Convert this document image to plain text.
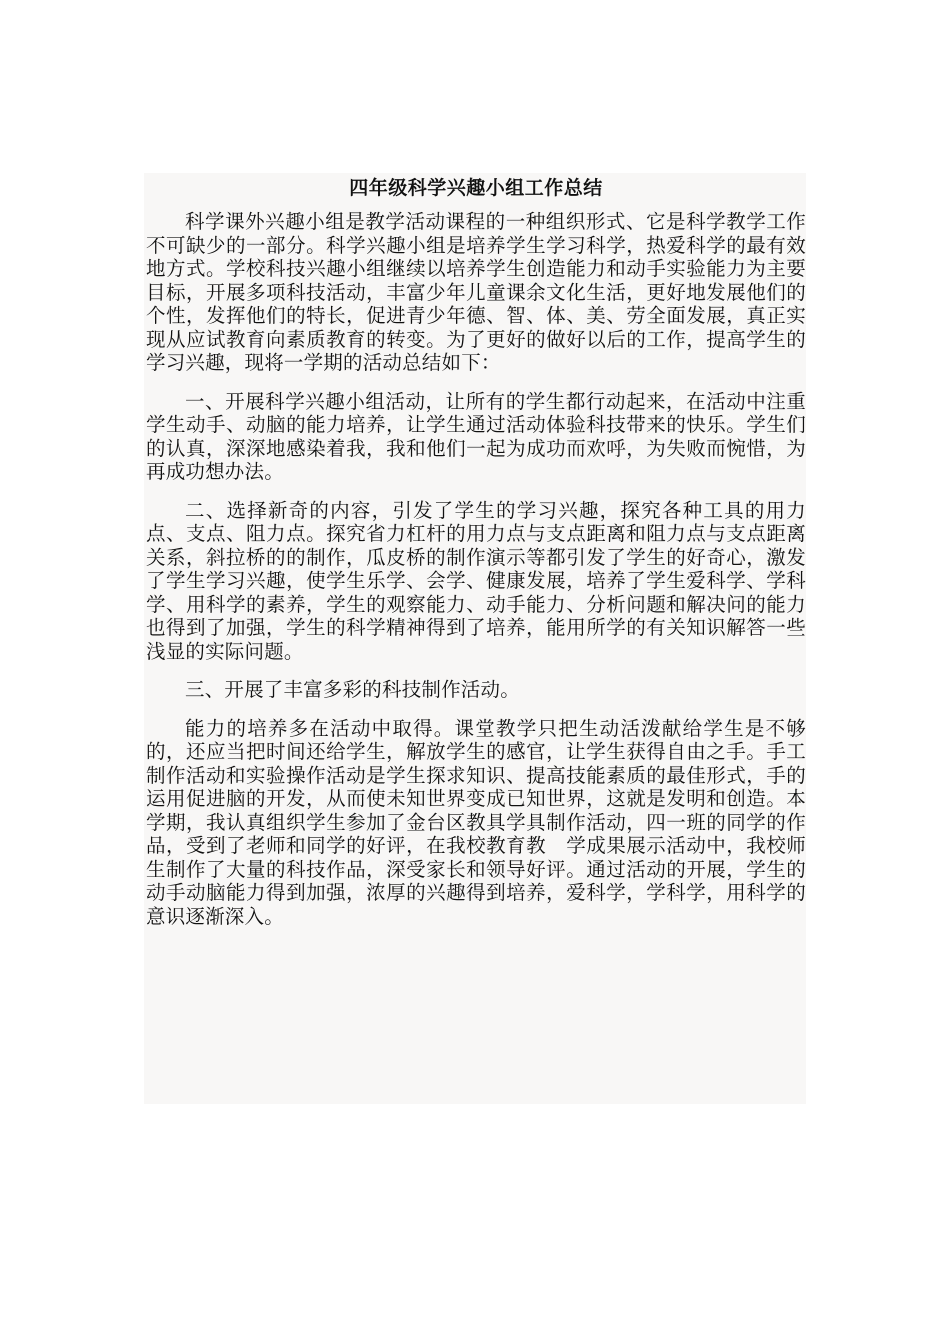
四年级科学兴趣小组工作总结

科学课外兴趣小组是教学活动课程的一种组织形式、它是科学教学工作不可缺少的一部分。科学兴趣小组是培养学生学习科学，热爱科学的最有效地方式。学校科技兴趣小组继续以培养学生创造能力和动手实验能力为主要目标，开展多项科技活动，丰富少年儿童课余文化生活，更好地发展他们的个性，发挥他们的特长，促进青少年德、智、体、美、劳全面发展，真正实现从应试教育向素质教育的转变。为了更好的做好以后的工作，提高学生的学习兴趣，现将一学期的活动总结如下：

一、开展科学兴趣小组活动，让所有的学生都行动起来，在活动中注重学生动手、动脑的能力培养，让学生通过活动体验科技带来的快乐。学生们的认真，深深地感染着我，我和他们一起为成功而欢呼，为失败而惋惜，为再成功想办法。

二、选择新奇的内容，引发了学生的学习兴趣，探究各种工具的用力点、支点、阻力点。探究省力杠杆的用力点与支点距离和阻力点与支点距离关系，斜拉桥的的制作，瓜皮桥的制作演示等都引发了学生的好奇心，激发了学生学习兴趣，使学生乐学、会学、健康发展，培养了学生爱科学、学科学、用科学的素养，学生的观察能力、动手能力、分析问题和解决问的能力也得到了加强，学生的科学精神得到了培养，能用所学的有关知识解答一些浅显的实际问题。

三、开展了丰富多彩的科技制作活动。

能力的培养多在活动中取得。课堂教学只把生动活泼献给学生是不够的，还应当把时间还给学生，解放学生的感官，让学生获得自由之手。手工制作活动和实验操作活动是学生探求知识、提高技能素质的最佳形式，手的运用促进脑的开发，从而使未知世界变成已知世界，这就是发明和创造。本学期，我认真组织学生参加了金台区教具学具制作活动，四一班的同学的作品，受到了老师和同学的好评，在我校教育教　学成果展示活动中，我校师生制作了大量的科技作品，深受家长和领导好评。通过活动的开展，学生的动手动脑能力得到加强，浓厚的兴趣得到培养，爱科学，学科学，用科学的意识逐渐深入。
